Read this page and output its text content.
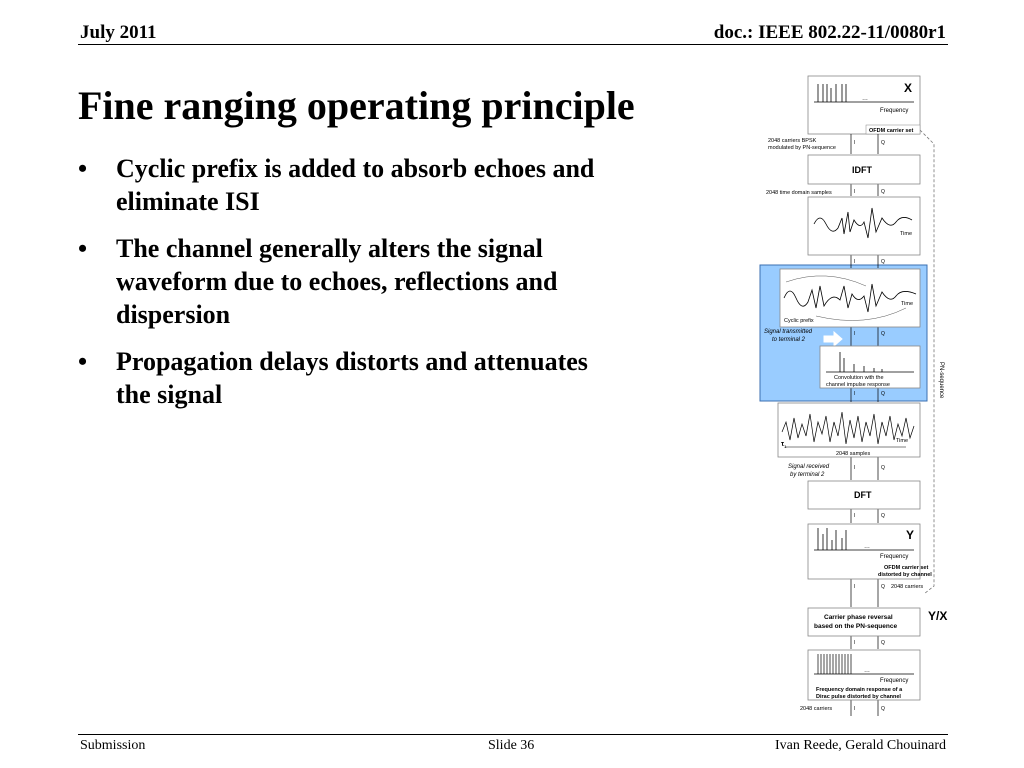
July 2011	doc.: IEEE 802.22-11/0080r1
Fine ranging operating principle
• Cyclic prefix is added to absorb echoes and eliminate ISI
• The channel generally alters the signal waveform due to echoes, reflections and dispersion
• Propagation delays distorts and attenuates the signal	PN-sequence
…
X
Frequency
OFDM carrier set
I	Q
2048 carriers BPSK
modulated by PN-sequence
IDFT
2048 time domain samples	I	Q
Time
I	Q
Time
Cyclic prefix
I	Q
Signal transmitted
to terminal 2
Convolution with the
channel impulse response
I	Q
$\tau_1$
Time
2048 samples
Signal received
by terminal 2
I	Q
DFT
I	Q
…
Y
Frequency
OFDM carrier set
distorted by channel
I	Q 2048 carriers
Carrier phase reversal
based on the PN-sequence
Y/X
I	Q
…
Frequency
Frequency domain response of a
Dirac pulse distorted by channel
2048 carriers	I	Q
Submission	Slide 36	Ivan Reede, Gerald Chouinard
